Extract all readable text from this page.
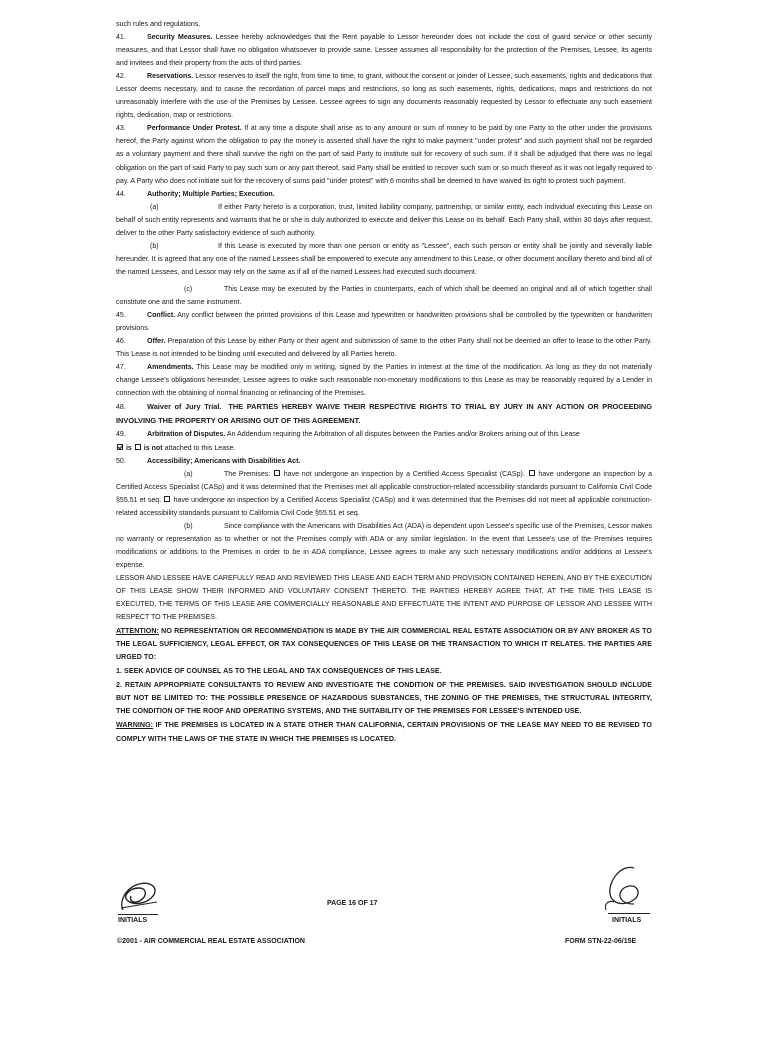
such rules and regulations.

41.	Security Measures. Lessee hereby acknowledges that the Rent payable to Lessor hereunder does not include the cost of guard service or other security measures, and that Lessor shall have no obligation whatsoever to provide same. Lessee assumes all responsibility for the protection of the Premises, Lessee, its agents and invitees and their property from the acts of third parties.

42.	Reservations. Lessor reserves to itself the right, from time to time, to grant, without the consent or joinder of Lessee, such easements, rights and dedications that Lessor deems necessary, and to cause the recordation of parcel maps and restrictions, so long as such easements, rights, dedications, maps and restrictions do not unreasonably interfere with the use of the Premises by Lessee. Lessee agrees to sign any documents reasonably requested by Lessor to effectuate any such easement rights, dedication, map or restrictions.

43.	Performance Under Protest. If at any time a dispute shall arise as to any amount or sum of money to be paid by one Party to the other under the provisions hereof, the Party against whom the obligation to pay the money is asserted shall have the right to make payment "under protest" and such payment shall not be regarded as a voluntary payment and there shall survive the right on the part of said Party to institute suit for recovery of such sum. If it shall be adjudged that there was no legal obligation on the part of said Party to pay such sum or any part thereof, said Party shall be entitled to recover such sum or so much thereof as it was not legally required to pay. A Party who does not initiate suit for the recovery of sums paid "under protest" with 6 months shall be deemed to have waived its right to protest such payment.

44.	Authority; Multiple Parties; Execution.

(a)	If either Party hereto is a corporation, trust, limited liability company, partnership, or similar entity, each individual executing this Lease on behalf of such entity represents and warrants that he or she is duly authorized to execute and deliver this Lease on its behalf. Each Party shall, within 30 days after request, deliver to the other Party satisfactory evidence of such authority.

(b)	If this Lease is executed by more than one person or entity as "Lessee", each such person or entity shall be jointly and severally liable hereunder. It is agreed that any one of the named Lessees shall be empowered to execute any amendment to this Lease, or other document ancillary thereto and bind all of the named Lessees, and Lessor may rely on the same as if all of the named Lessees had executed such document.

(c)	This Lease may be executed by the Parties in counterparts, each of which shall be deemed an original and all of which together shall constitute one and the same instrument.

45.	Conflict. Any conflict between the printed provisions of this Lease and typewritten or handwritten provisions shall be controlled by the typewritten or handwritten provisions.

46.	Offer. Preparation of this Lease by either Party or their agent and submission of same to the other Party shall not be deemed an offer to lease to the other Party. This Lease is not intended to be binding until executed and delivered by all Parties hereto.

47.	Amendments. This Lease may be modified only in writing, signed by the Parties in interest at the time of the modification. As long as they do not materially change Lessee's obligations hereunder, Lessee agrees to make such reasonable non-monetary modifications to this Lease as may be reasonably required by a Lender in connection with the obtaining of normal financing or refinancing of the Premises.

48.	Waiver of Jury Trial. THE PARTIES HEREBY WAIVE THEIR RESPECTIVE RIGHTS TO TRIAL BY JURY IN ANY ACTION OR PROCEEDING INVOLVING THE PROPERTY OR ARISING OUT OF THIS AGREEMENT.

49.	Arbitration of Disputes. An Addendum requiring the Arbitration of all disputes between the Parties and/or Brokers arising out of this Lease

is is not attached to this Lease.

50.	Accessibility; Americans with Disabilities Act.

(a)	The Premises: have not undergone an inspection by a Certified Access Specialist (CASp). have undergone an inspection by a Certified Access Specialist (CASp) and it was determined that the Premises met all applicable construction-related accessibility standards pursuant to California Civil Code §55.51 et seq. have undergone an inspection by a Certified Access Specialist (CASp) and it was determined that the Premises did not meet all applicable construction-related accessibility standards pursuant to California Civil Code §55.51 et seq.

(b)	Since compliance with the Americans with Disabilities Act (ADA) is dependent upon Lessee's specific use of the Premises, Lessor makes no warranty or representation as to whether or not the Premises comply with ADA or any similar legislation. In the event that Lessee's use of the Premises requires modifications or additions to the Premises in order to be in ADA compliance, Lessee agrees to make any such necessary modifications and/or additions at Lessee's expense.

LESSOR AND LESSEE HAVE CAREFULLY READ AND REVIEWED THIS LEASE AND EACH TERM AND PROVISION CONTAINED HEREIN, AND BY THE EXECUTION OF THIS LEASE SHOW THEIR INFORMED AND VOLUNTARY CONSENT THERETO. THE PARTIES HEREBY AGREE THAT, AT THE TIME THIS LEASE IS EXECUTED, THE TERMS OF THIS LEASE ARE COMMERCIALLY REASONABLE AND EFFECTUATE THE INTENT AND PURPOSE OF LESSOR AND LESSEE WITH RESPECT TO THE PREMISES.

ATTENTION: NO REPRESENTATION OR RECOMMENDATION IS MADE BY THE AIR COMMERCIAL REAL ESTATE ASSOCIATION OR BY ANY BROKER AS TO THE LEGAL SUFFICIENCY, LEGAL EFFECT, OR TAX CONSEQUENCES OF THIS LEASE OR THE TRANSACTION TO WHICH IT RELATES. THE PARTIES ARE URGED TO:

1. SEEK ADVICE OF COUNSEL AS TO THE LEGAL AND TAX CONSEQUENCES OF THIS LEASE.

2. RETAIN APPROPRIATE CONSULTANTS TO REVIEW AND INVESTIGATE THE CONDITION OF THE PREMISES. SAID INVESTIGATION SHOULD INCLUDE BUT NOT BE LIMITED TO: THE POSSIBLE PRESENCE OF HAZARDOUS SUBSTANCES, THE ZONING OF THE PREMISES, THE STRUCTURAL INTEGRITY, THE CONDITION OF THE ROOF AND OPERATING SYSTEMS, AND THE SUITABILITY OF THE PREMISES FOR LESSEE'S INTENDED USE.

WARNING: IF THE PREMISES IS LOCATED IN A STATE OTHER THAN CALIFORNIA, CERTAIN PROVISIONS OF THE LEASE MAY NEED TO BE REVISED TO COMPLY WITH THE LAWS OF THE STATE IN WHICH THE PREMISES IS LOCATED.

INITIALS	INITIALS
PAGE 16 OF 17
©2001 - AIR COMMERCIAL REAL ESTATE ASSOCIATION	FORM STN-22-06/15E
